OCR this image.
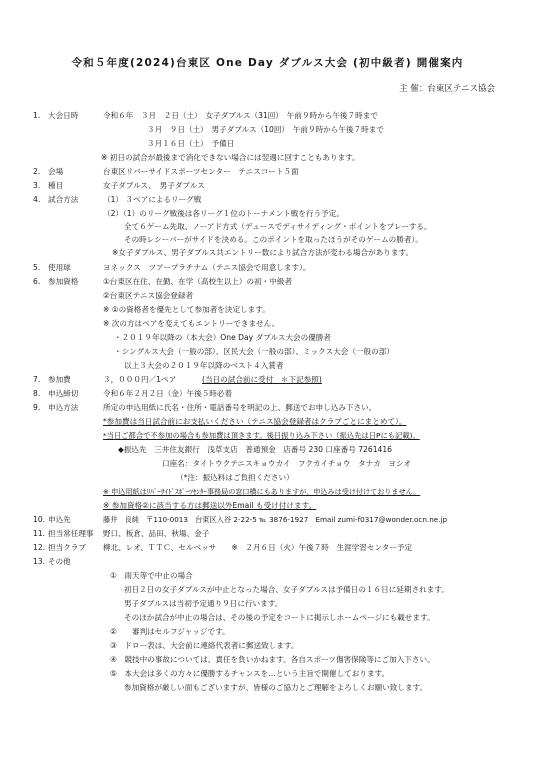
令和５年度(2024)台東区 One Day ダブルス大会 (初中級者) 開催案内
主 催：台東区テニス協会
1. 大会日時	令和６年　３月　２日（土）　女子ダブルス（31回）　午前９時から午後７時まで
３月　９日（土）　男子ダブルス（10回）　午前９時から午後７時まで
３月１６日（土）　予備日
※ 初日の試合が最後まで消化できない場合には翌週に回すこともあります。
2. 会場	台東区リバーサイドスポーツセンター　テニスコート５面
3. 種目	女子ダブルス、　男子ダブルス
4. 試合方法	（1） ３ペアによるリーグ戦
（2）（1）のリーグ戦後は各リーグ１位のトーナメント戦を行う予定。
全て６ゲーム先取、ノーアド方式（デュースでディサイディング・ポイントをプレーする。
その時レシーバーがサイドを決める。このポイントを取ったほうがそのゲームの勝者）。
※女子ダブルス、男子ダブルス共エントリー数により試合方法が変わる場合があります。
5. 使用球	ヨネックス　ツアープラチナム（テニス協会で用意します）。
6. 参加資格	①台東区在住、在勤、在学（高校生以上）の初・中級者
②台東区テニス協会登録者
※ ①の資格者を優先として参加者を決定します。
※ 次の方はペアを変えてもエントリーできません。
・２０１９年以降の（本大会）One Day ダブルス大会の優勝者
・シングルス大会（一般の部）、区民大会（一般の部）、ミックス大会（一般の部）
以上３大会の２０１９年以降のベスト４入賞者
7. 参加費	３，０００円／1ペア	(当日の試合前に受付　＊下記参照)
8. 申込締切	令和６年２月２日（金）午後５時必着
9. 申込方法	所定の申込用紙に氏名・住所・電話番号を明記の上、郵送でお申し込み下さい。
*参加費は当日試合前にお支払いください（テニス協会登録者はクラブごとにまとめて）。
*当日ご都合で不参加の場合も参加費は頂きます。後日振り込み下さい（振込先は日Pにも記載)。
◆振込先　三井住友銀行　浅草支店　普通預金　店番号 230 口座番号 7261416
口座名：タイトウクテニスキョウカイ　フクカイチョウ　タナカ　ヨシオ
（*注：振込料はご負担ください）
※ 申込用紙はﾘﾊﾞｰｻｲﾄﾞｽﾎﾟｰﾂｾﾝﾀｰ事務局の窓口横にもありますが、申込みは受け付けておりません。
※ 参加資格②に該当する方は郵送以外Email も受け付けます。
10. 申込先	藤井　良純　〒110-0013　台東区入谷 2-22-5 ℡ 3876-1927　Email zumi-f0317@wonder.ocn.ne.jp
11. 担当常任理事 野口、板倉、品田、秋場、金子
12. 担当クラブ 柳北、レオ、ＴＴＣ、セルベッサ　　※　２月６日（火）午後７時　生涯学習センター予定
13. その他
①　雨天等で中止の場合
初日２日の女子ダブルスが中止となった場合、女子ダブルスは予備日の１６日に延期されます。
男子ダブルスは当初予定通り９日に行います。
そのほか試合が中止の場合は、その後の予定をコートに掲示しホームページにも載せます。
②　　審判はセルフジャッジです。
③　ドロー表は、大会前に連絡代表者に郵送致します。
④　競技中の事故については、責任を負いかねます。各自スポーツ傷害保険等にご加入下さい。
⑤　本大会は多くの方々に優勝するチャンスを…という主旨で開催しております。
参加資格が厳しい面もございますが、皆様のご協力とご理解をよろしくお願い致します。
